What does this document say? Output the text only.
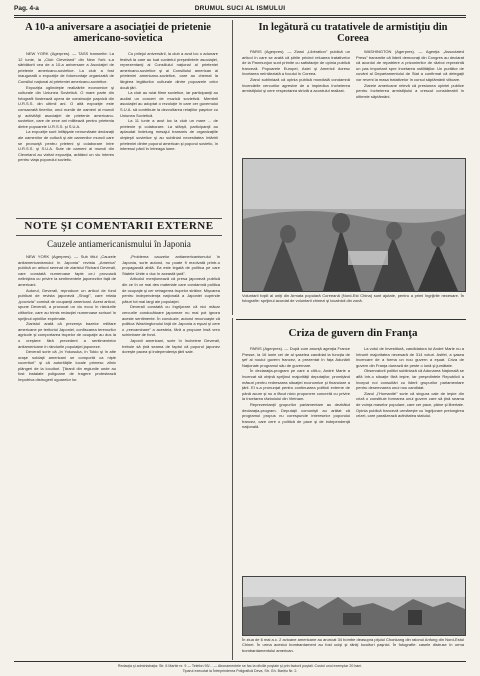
Pag. 4-a	DRUMUL SUCI AL ISMULUI
A 10-a aniversare a asociaţiei de prietenie americano-sovietica

NEW YORK (Agerpres). — TASS transmite: La 12 iunie, la „Club Cleveland" din New York s-a sărbătorit cea de a 10-a aniversare a Asociaţiei de prietenie americano-sovietice. La club a fost inaugurată o expoziţie de fotomontaje organizată de Consiliul naţional al prieteniei americano-sovietice.

Expoziţia oglindeşte realizările economice şi culturale din Uniunea Sovietică. O mare parte din fotografii ilustrează opera de construcţie paşnică din U.R.S.S. din ultimii ani. O altă expoziţie este consacrată tinerilor, unui număr de oameni ai muncii şi activităţii asociaţiei de prietenie americano-sovietice, care de zece ani militează pentru prietenia dintre popoarele U.R.S.S. şi S.U.A.

La expoziţie sunt înfăţişate nenumărate declaraţii ale oamenilor de cultură şi ale oamenilor muncii care se pronunţă pentru prieteni şi colaborare între U.R.S.S. şi S.U.A. Sute de oameni ai muncii din Cleveland au vizitat expoziţia, arătând un viu interes pentru viaţa poporului sovietic.

Cu prilejul aniversării, la club a avut loc o adunare festivă la care au luat cuvântul preşedintele asociaţiei, reprezentanţi ai Consiliului naţional al prieteniei americano-sovietice şi ai Consiliului american al prieteniei americano-sovietice, care au chemat la lărgirea legăturilor culturale dintre popoarele celor două ţări.

La club au rulat filme sovietice, iar participanţii au audiat un concert de muzică sovietică. Membrii asociaţiei au adoptat o rezoluţie în care cer guvernului S.U.A. să contribuie la dezvoltarea relaţiilor paşnice cu Uniunea Sovietică.

La 11 iunie a avut loc la club un mare ... de prietenie şi colaborare. La sfârşit, participanţii au aplaudat îndelung mesajul transmis de organizaţiile obşteşti sovietice şi au subliniat necesitatea întăririi prieteniei dintre poporul american şi poporul sovietic, în interesul păcii în întreaga lume.

In legătură cu tratativele de armistiţiu din Coreea

PARIS (Agerpres). — Ziarul „Libération" publică un articol în care se arată că ştirile privind reluarea tratativelor de la Panmunjon sunt primite cu satisfacţie de opinia publică franceză. Popoarele Europei, Asiei şi Americii doresc încetarea neîntârziată a focului în Coreea.

Ziarul subliniază că opinia publică mondială condamnă încercările cercurilor agresive de a împiedica încheierea armistiţiului şi cere respectarea strictă a acordului realizat.

WASHINGTON (Agerpres). — Agenţia „Associated Press" transmite că liderii democraţi din Congres au declarat că acordul de repatriere a prizonierilor de război reprezintă un pas important spre încetarea ostilităţilor. Un purtător de cuvânt al Departamentului de Stat a confirmat că delegaţii vor reveni la masa tratativelor în cursul săptămânii viitoare.

Ziarele americane relevă că presiunea opiniei publice pentru încheierea armistiţiului a crescut considerabil în ultimele săptămâni.

Voluntarii foştii ai uniţi din Armata populară Coreeană (Nord-Est China) sunt ajutate, pentru a primi îngrijirile necesare. În fotografie: sprijinul acordat de voluntarii chinezi şi localnicii din zonă.
NOTE ŞI COMENTARII EXTERNE
Cauzele antiamericanismului în Japonia

NEW YORK (Agerpres). — Sub titlul „Cauzele antiamericanismului în Japonia" revista „America" publică un articol semnat de ziaristul Richard Deverall, care constată numeroase fapte ce-i provoacă neliniştea cu privire la sentimentele japonezilor faţă de americani.

Autorul, Deverall, reproduce un articol de fond publicat de revista japoneză „Shugi", care relata „ipocrizia" comisă de ocupanţii americani. Acest articol, spune Deverall, a provocat un viu ecou în rândurile cititorilor, care au trimis redacţiei numeroase scrisori în sprijinul opiniilor exprimate.

Ziaristul arată că prezenţa bazelor militare americane pe teritoriul Japoniei, confiscarea terenurilor agricole şi comportarea trupelor de ocupaţie au dus la o creştere fără precedent a sentimentelor antiamericane în rândurile populaţiei japoneze.

Deverall scrie că „în Yokosuka, în Tokio şi în alte oraşe soldaţii americani se comportă ca nişte cuceritori" şi că autorităţile locale primesc zilnic plângeri de la locuitori. Ţăranii din regiunile unde au fost instalate poligoane de tragere protestează împotriva distrugerii ogoarelor lor.

„Problema cauzelor antiamericanismului în Japonia, scrie autorul, nu poate fi rezolvată printr-o propagandă abilă. Ea este legată de politica pe care Statele Unite o duc în această ţară".

Articolul menţionează că presa japoneză publică din ce în ce mai des materiale care condamnă politica de ocupaţie şi cer retragerea trupelor străine. Mişcarea pentru independenţa naţională a Japoniei cuprinde pături tot mai largi ale populaţiei.

Deverall constată cu îngrijorare că nici măcar cercurile conducătoare japoneze nu mai pot ignora aceste sentimente. În concluzie, autorul recunoaşte că politica Washingtonului faţă de Japonia a eşuat şi cere o „reexaminare" a acesteia, fără a propune însă vreo schimbare de fond.

Japonii americani, scrie în încheiere Deverall, trebuie să ţină seama de faptul că poporul japonez doreşte pacea şi independenţa ţării sale.

Criza de guvern din Franţa

PARIS (Agerpres). — După cum anunţă agenţia France Presse, la 16 iunie cei de al şaselea candidat la funcţia de şef al noului guvern francez, a prezentat în faţa Adunării Naţionale programul său de guvernare.

În declaraţia-program pe care a citit-o, André Marie a încercat să obţină sprijinul majorităţii deputaţilor, promiţând măsuri pentru redresarea situaţiei economice şi financiare a ţării. El s-a pronunţat pentru continuarea politicii externe de până acum şi nu a făcut nicio propunere concretă cu privire la încetarea războiului din Vietnam.

Reprezentanţii grupurilor parlamentare au dezbătut declaraţia-program. Deputaţii comunişti au arătat că programul propus nu corespunde intereselor poporului francez, care cere o politică de pace şi de independenţă naţională.

La votul de învestitură, candidatura lui André Marie nu a întrunit majoritatea necesară de 314 voturi. Astfel, a şasea încercare de a forma un nou guvern a eşuat. Criza de guvern din Franţa durează de peste o lună şi jumătate.

Observatorii politici subliniază că Adunarea Naţională se află într-o situaţie fără ieşire, iar preşedintele Republicii a început noi consultări cu liderii grupurilor parlamentare pentru desemnarea unui nou candidat.

Ziarul „l'Humanité" scrie că singura cale de ieşire din criză o constituie formarea unui guvern care să ţină seama de voinţa maselor populare, care cer pace, pâine şi libertate. Opinia publică franceză urmăreşte cu îngrijorare prelungirea crizei, care paralizează activitatea statului.

În ziua de 6 mai a.c. 2 avioane americane au aruncat 34 bombe deasupra piţului Chonkang din raionul Anfung din Nord-Estul Chinei. În urma acestui bombardament au fost ucişi şi răniţi locuitori paşnici. În fotografie: casele distruse în urma bombardamentului american.
Redacţia şi administraţia: Str. 6 Martie nr. 9 — Telefon 93/... — Abonamentele se fac la oficiile poştale şi prin factorii poştali. Costul unui exemplar 20 bani.
Tiparul executat la Întreprinderea Poligrafică Deva, Str. Gh. Barițiu Nr. 2.
